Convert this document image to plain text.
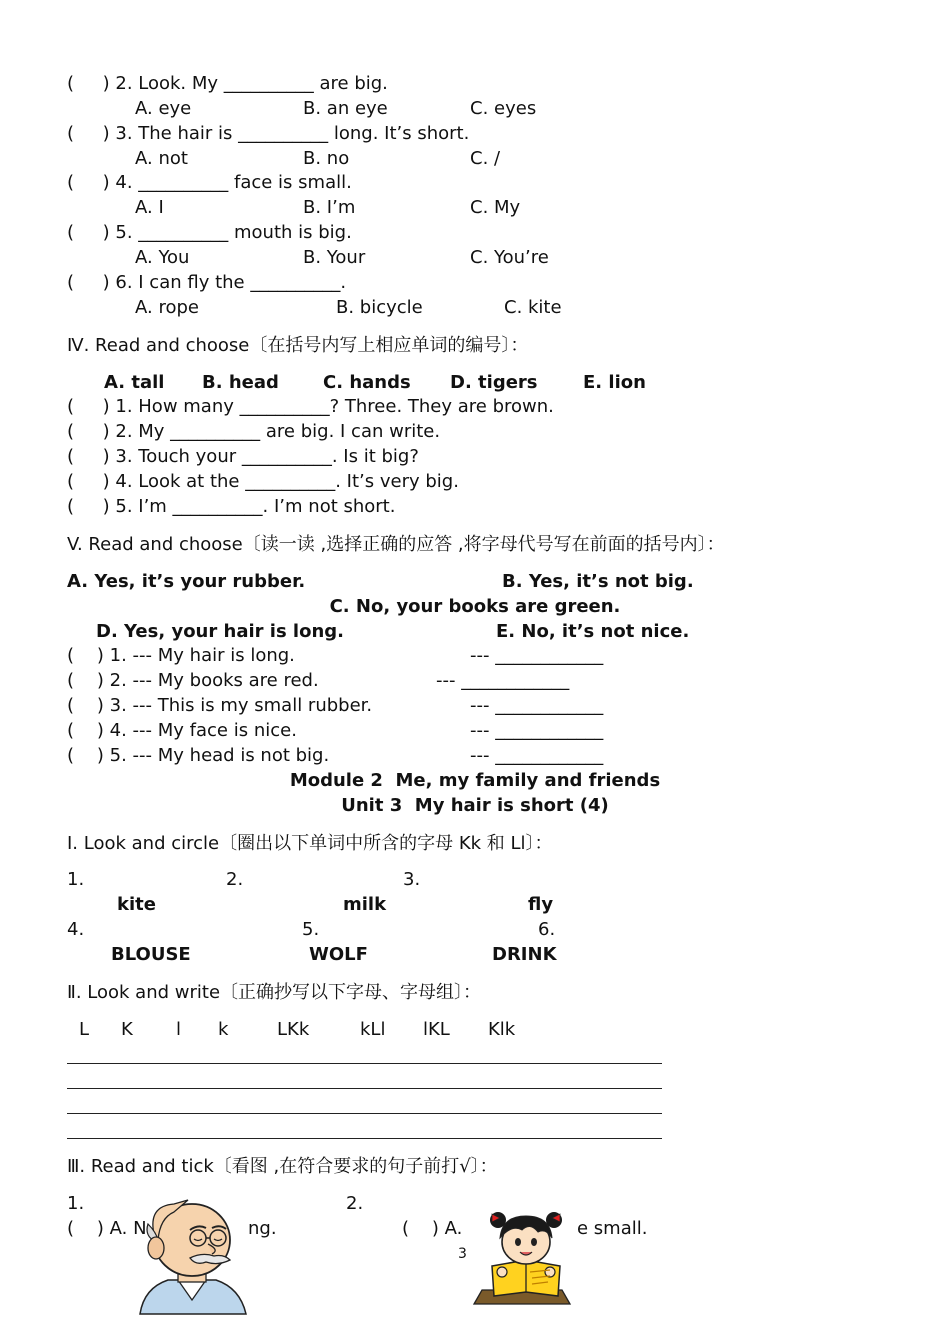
(     ) 2. Look. My __________ are big.
A. eye	B. an eye	C. eyes
(     ) 3. The hair is __________ long. It’s short.
A. not	B. no	C. /
(     ) 4. __________ face is small.
A. I	B. I’m	C. My
(     ) 5. __________ mouth is big.
A. You	B. Your	C. You’re
(     ) 6. I can fly the __________.
A. rope	B. bicycle	C. kite
Ⅳ. Read and choose〔在括号内写上相应单词的编号〕：
A. tall B. head C. hands D. tigers	E. lion
(     ) 1. How many __________? Three. They are brown.
(     ) 2. My __________ are big. I can write.
(     ) 3. Touch your __________. Is it big?
(     ) 4. Look at the __________. It’s very big.
(     ) 5. I’m __________. I’m not short.
V. Read and choose〔读一读 ,选择正确的应答 ,将字母代号写在前面的括号内〕：
A. Yes, it’s your rubber.	B. Yes, it’s not big.
C. No, your books are green.
D. Yes, your hair is long.	E. No, it’s not nice.
(    ) 1. --- My hair is long.	--- ____________
(    ) 2. --- My books are red.	--- ____________
(    ) 3. --- This is my small rubber.	--- ____________
(    ) 4. --- My face is nice.	--- ____________
(    ) 5. --- My head is not big.	--- ____________
Module 2  Me, my family and friends
Unit 3  My hair is short (4)
I. Look and circle〔圈出以下单词中所含的字母 Kk 和 Ll〕：
1.	2.	3.
kite	milk	fly
4.	5.	6.
BLOUSE	WOLF	DRINK
Ⅱ. Look and write〔正确抄写以下字母、字母组〕：
L K l k	LKk	kLl lKL Klk
Ⅲ. Read and tick〔看图 ,在符合要求的句子前打√〕：
1.	2.
(    ) A. N	ng.	(    ) A.	e small.
3
